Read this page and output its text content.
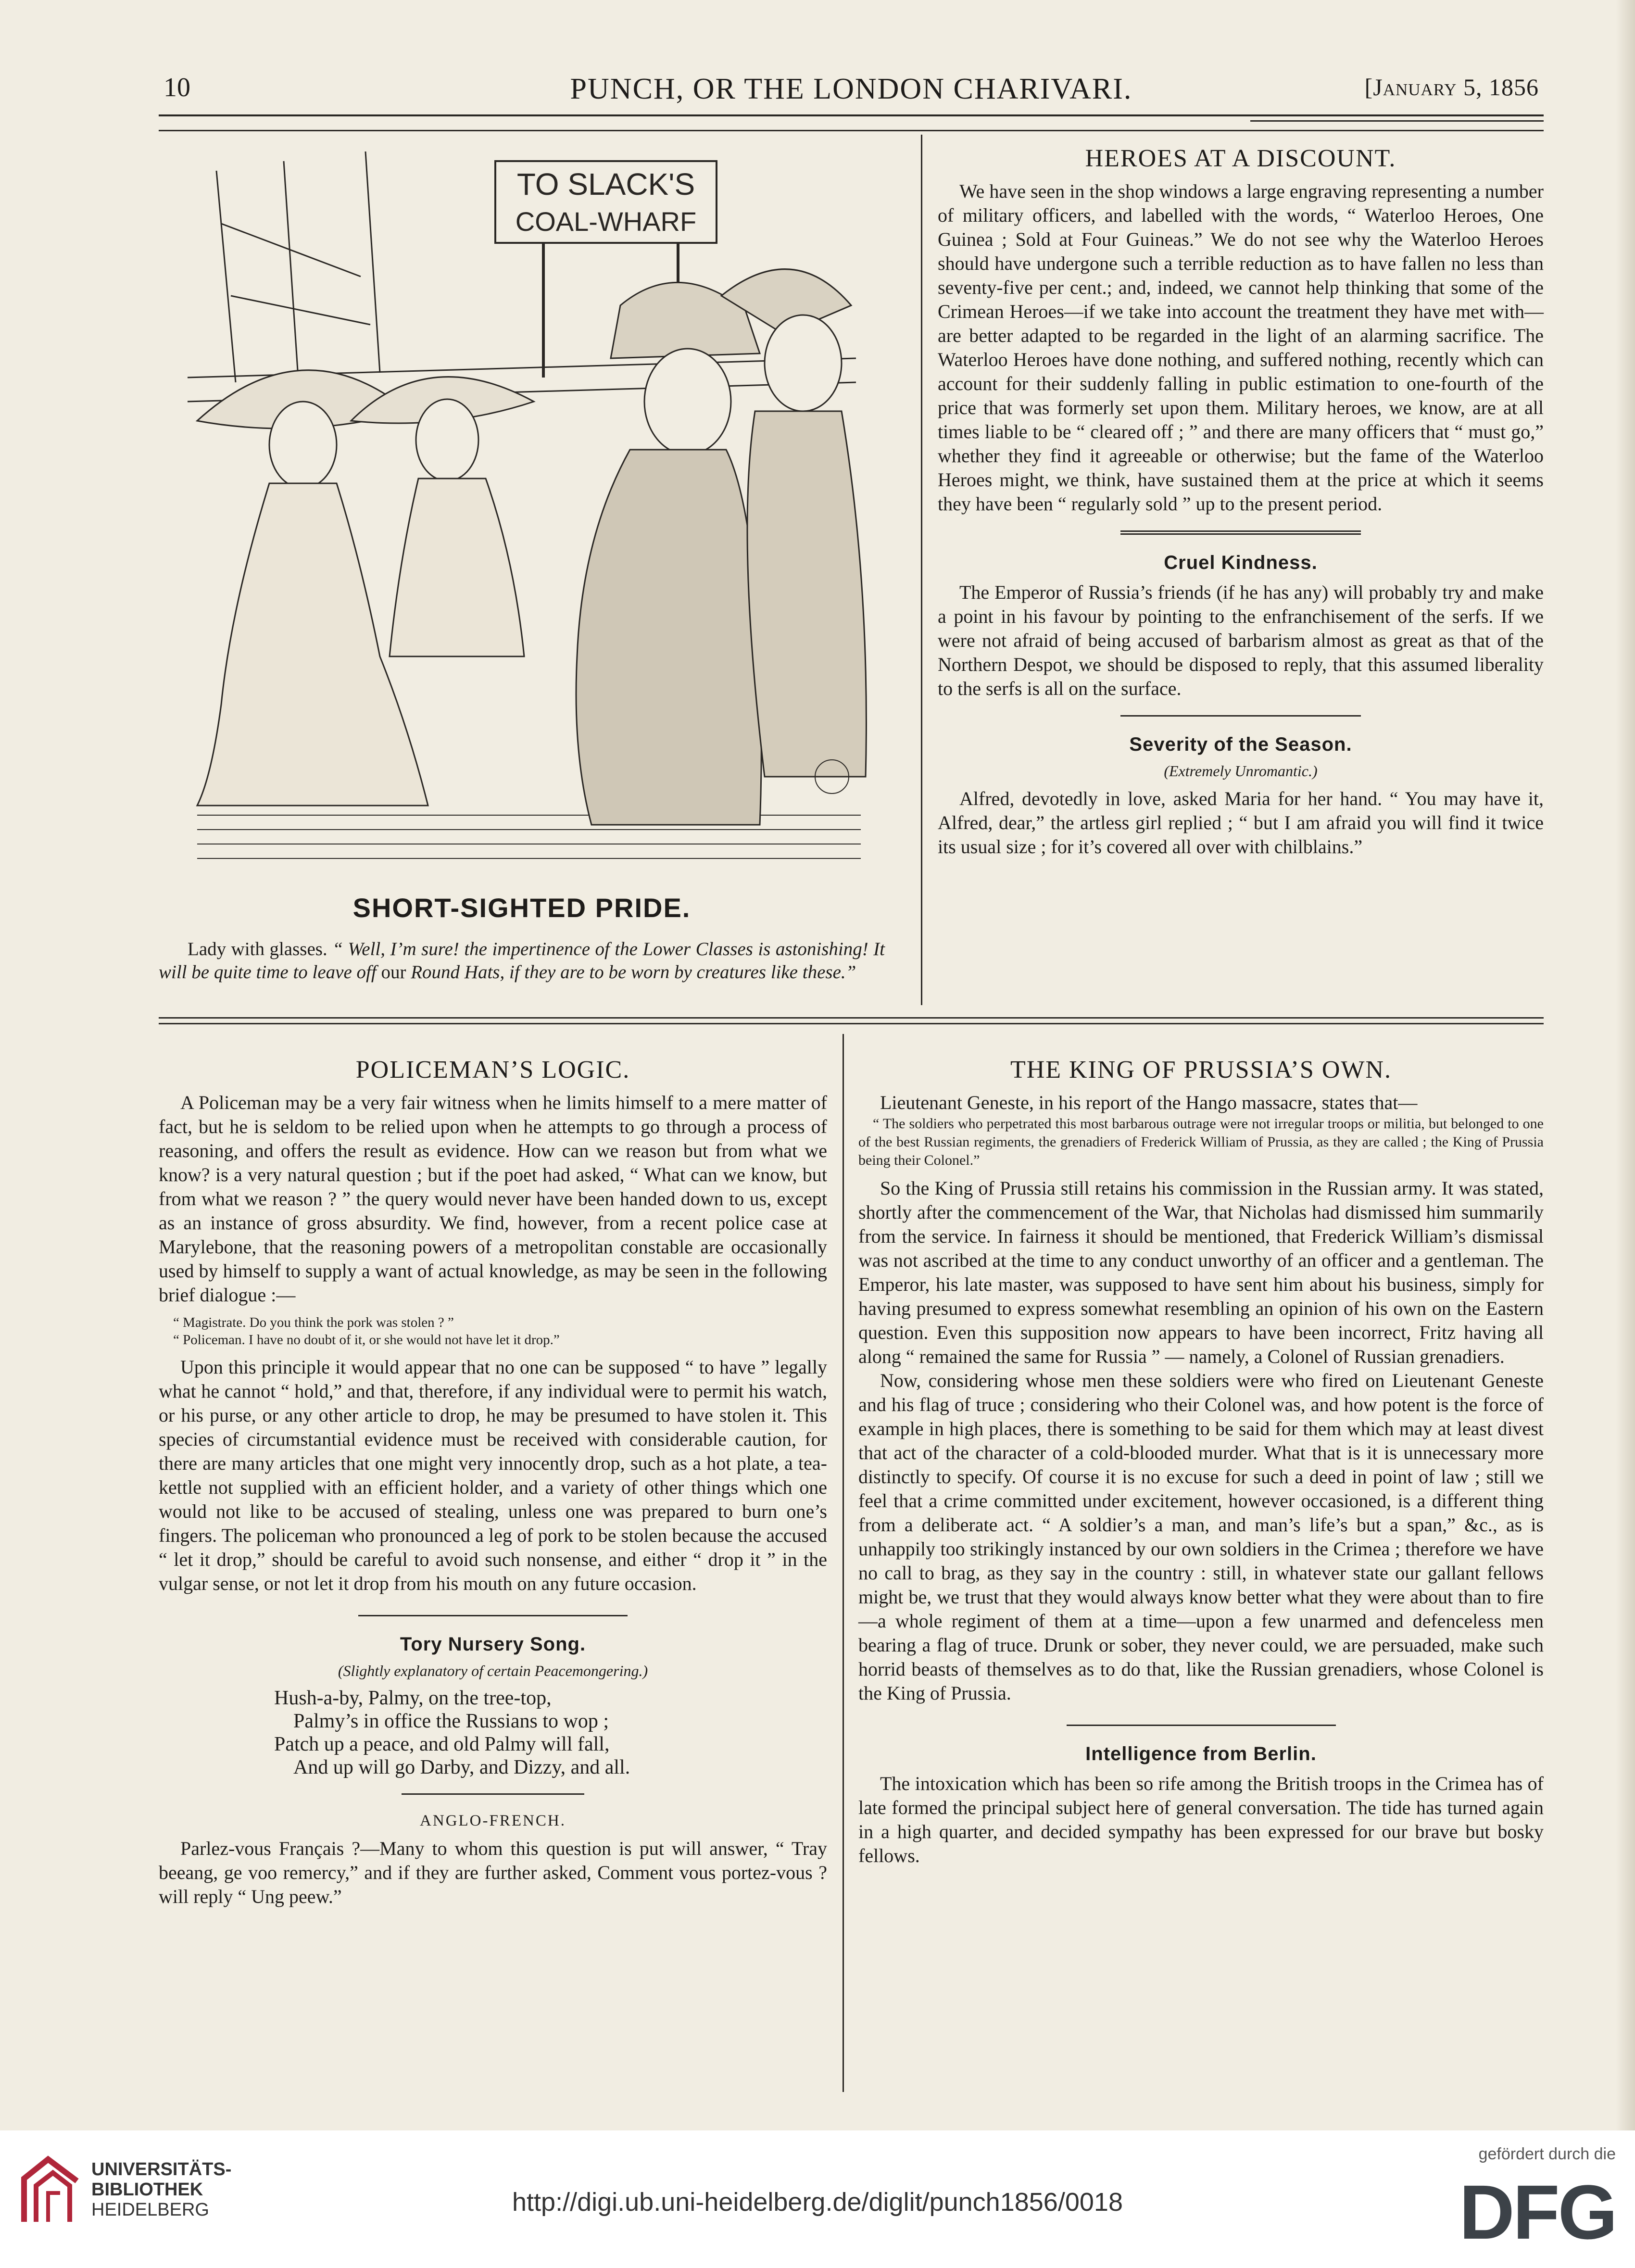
10	PUNCH, OR THE LONDON CHARIVARI.	[January 5, 1856
TO SLACK'S
COAL-WHARF
SHORT-SIGHTED PRIDE.
Lady with glasses. “ Well, I’m sure! the impertinence of the Lower Classes is astonishing! It will be quite time to leave off our Round Hats, if they are to be worn by creatures like these.”
HEROES AT A DISCOUNT.

We have seen in the shop windows a large engraving representing a number of military officers, and labelled with the words, “ Waterloo Heroes, One Guinea ; Sold at Four Guineas.” We do not see why the Waterloo Heroes should have undergone such a terrible reduction as to have fallen no less than seventy-five per cent.; and, indeed, we cannot help thinking that some of the Crimean Heroes—if we take into account the treatment they have met with—are better adapted to be regarded in the light of an alarming sacrifice. The Waterloo Heroes have done nothing, and suffered nothing, recently which can account for their suddenly falling in public estimation to one-fourth of the price that was formerly set upon them. Military heroes, we know, are at all times liable to be “ cleared off ; ” and there are many officers that “ must go,” whether they find it agreeable or otherwise; but the fame of the Waterloo Heroes might, we think, have sustained them at the price at which it seems they have been “ regularly sold ” up to the present period.

Cruel Kindness.

The Emperor of Russia’s friends (if he has any) will probably try and make a point in his favour by pointing to the enfranchisement of the serfs. If we were not afraid of being accused of barbarism almost as great as that of the Northern Despot, we should be disposed to reply, that this assumed liberality to the serfs is all on the surface.

Severity of the Season.
(Extremely Unromantic.)

Alfred, devotedly in love, asked Maria for her hand. “ You may have it, Alfred, dear,” the artless girl replied ; “ but I am afraid you will find it twice its usual size ; for it’s covered all over with chilblains.”

POLICEMAN’S LOGIC.

A Policeman may be a very fair witness when he limits himself to a mere matter of fact, but he is seldom to be relied upon when he attempts to go through a process of reasoning, and offers the result as evidence. How can we reason but from what we know? is a very natural question ; but if the poet had asked, “ What can we know, but from what we reason ? ” the query would never have been handed down to us, except as an instance of gross absurdity. We find, however, from a recent police case at Marylebone, that the reasoning powers of a metropolitan constable are occasionally used by himself to supply a want of actual knowledge, as may be seen in the following brief dialogue :—

“ Magistrate. Do you think the pork was stolen ? ”

“ Policeman. I have no doubt of it, or she would not have let it drop.”

Upon this principle it would appear that no one can be supposed “ to have ” legally what he cannot “ hold,” and that, therefore, if any individual were to permit his watch, or his purse, or any other article to drop, he may be presumed to have stolen it. This species of circumstantial evidence must be received with considerable caution, for there are many articles that one might very innocently drop, such as a hot plate, a tea-kettle not supplied with an efficient holder, and a variety of other things which one would not like to be accused of stealing, unless one was prepared to burn one’s fingers. The policeman who pronounced a leg of pork to be stolen because the accused “ let it drop,” should be careful to avoid such nonsense, and either “ drop it ” in the vulgar sense, or not let it drop from his mouth on any future occasion.

Tory Nursery Song.
(Slightly explanatory of certain Peacemongering.)

Hush-a-by, Palmy, on the tree-top,

Palmy’s in office the Russians to wop ;

Patch up a peace, and old Palmy will fall,

And up will go Darby, and Dizzy, and all.

ANGLO-FRENCH.

Parlez-vous Français ?—Many to whom this question is put will answer, “ Tray beeang, ge voo remercy,” and if they are further asked, Comment vous portez-vous ? will reply “ Ung peew.”

THE KING OF PRUSSIA’S OWN.

Lieutenant Geneste, in his report of the Hango massacre, states that—

“ The soldiers who perpetrated this most barbarous outrage were not irregular troops or militia, but belonged to one of the best Russian regiments, the grenadiers of Frederick William of Prussia, as they are called ; the King of Prussia being their Colonel.”

So the King of Prussia still retains his commission in the Russian army. It was stated, shortly after the commencement of the War, that Nicholas had dismissed him summarily from the service. In fairness it should be mentioned, that Frederick William’s dismissal was not ascribed at the time to any conduct unworthy of an officer and a gentleman. The Emperor, his late master, was supposed to have sent him about his business, simply for having presumed to express somewhat resembling an opinion of his own on the Eastern question. Even this supposition now appears to have been incorrect, Fritz having all along “ remained the same for Russia ” — namely, a Colonel of Russian grenadiers.

Now, considering whose men these soldiers were who fired on Lieutenant Geneste and his flag of truce ; considering who their Colonel was, and how potent is the force of example in high places, there is something to be said for them which may at least divest that act of the character of a cold-blooded murder. What that is it is unnecessary more distinctly to specify. Of course it is no excuse for such a deed in point of law ; still we feel that a crime committed under excitement, however occasioned, is a different thing from a deliberate act. “ A soldier’s a man, and man’s life’s but a span,” &c., as is unhappily too strikingly instanced by our own soldiers in the Crimea ; therefore we have no call to brag, as they say in the country : still, in whatever state our gallant fellows might be, we trust that they would always know better what they were about than to fire—a whole regiment of them at a time—upon a few unarmed and defenceless men bearing a flag of truce. Drunk or sober, they never could, we are persuaded, make such horrid beasts of themselves as to do that, like the Russian grenadiers, whose Colonel is the King of Prussia.

Intelligence from Berlin.

The intoxication which has been so rife among the British troops in the Crimea has of late formed the principal subject here of general conversation. The tide has turned again in a high quarter, and decided sympathy has been expressed for our brave but bosky fellows.

UNIVERSITÄTS-
BIBLIOTHEK
HEIDELBERG	http://digi.ub.uni-heidelberg.de/diglit/punch1856/0018
gefördert durch die
DFG
